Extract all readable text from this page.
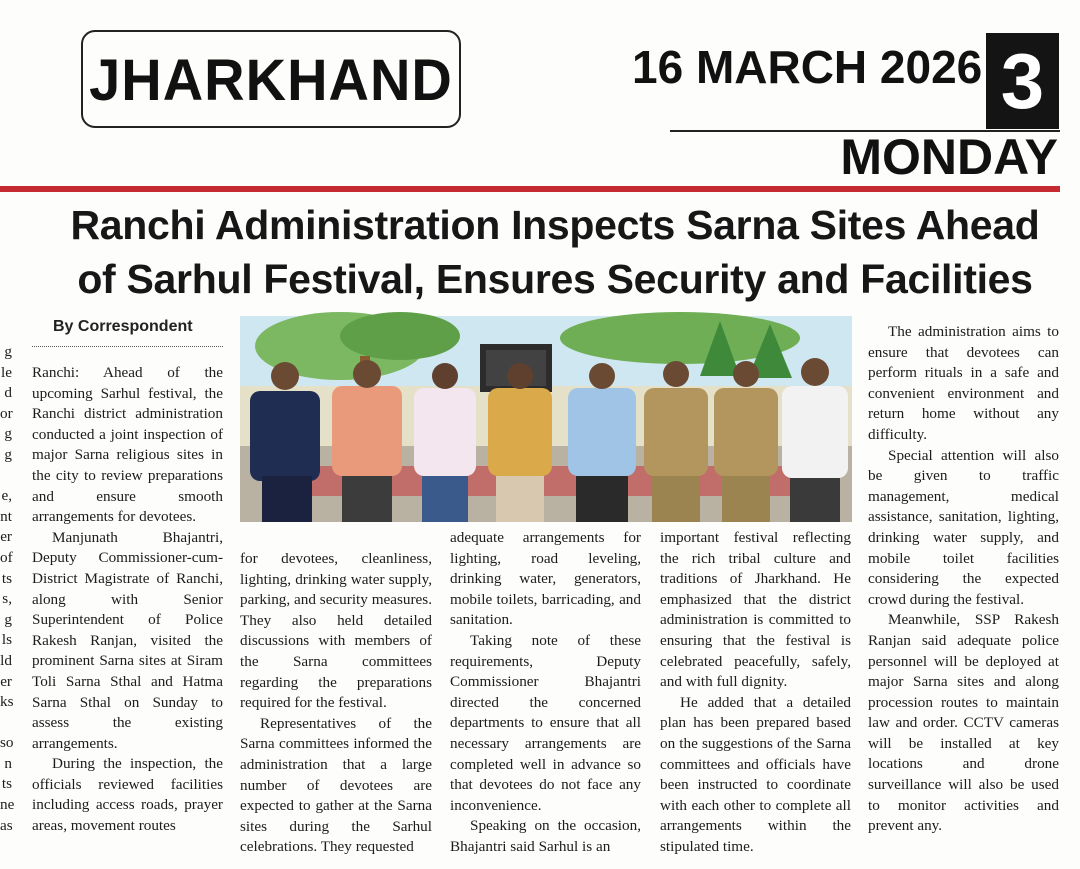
JHARKHAND	16 MARCH 2026 3
MONDAY
Ranchi Administration Inspects Sarna Sites Ahead
of Sarhul Festival, Ensures Security and Facilities
By Correspondent
g
le
d
or
g
g

e,
nt
er
of
ts
s,
g
ls
ld
er
ks

so
n
ts
ne
as

Ranchi: Ahead of the upcoming Sarhul festival, the Ranchi district administration conducted a joint inspection of major Sarna religious sites in the city to review preparations and ensure smooth arrangements for devotees.

Manjunath Bhajantri, Deputy Commissioner-cum-District Magistrate of Ranchi, along with Senior Superintendent of Police Rakesh Ranjan, visited the prominent Sarna sites at Siram Toli Sarna Sthal and Hatma Sarna Sthal on Sunday to assess the existing arrangements.

During the inspection, the officials reviewed facilities including access roads, prayer areas, movement routes

for devotees, cleanliness, lighting, drinking water supply, parking, and security measures. They also held detailed discussions with members of the Sarna committees regarding the preparations required for the festival.

Representatives of the Sarna committees informed the administration that a large number of devotees are expected to gather at the Sarna sites during the Sarhul celebrations. They requested

adequate arrangements for lighting, road leveling, drinking water, generators, mobile toilets, barricading, and sanitation.

Taking note of these requirements, Deputy Commissioner Bhajantri directed the concerned departments to ensure that all necessary arrangements are completed well in advance so that devotees do not face any inconvenience.

Speaking on the occasion, Bhajantri said Sarhul is an

important festival reflecting the rich tribal culture and traditions of Jharkhand. He emphasized that the district administration is committed to ensuring that the festival is celebrated peacefully, safely, and with full dignity.

He added that a detailed plan has been prepared based on the suggestions of the Sarna committees and officials have been instructed to coordinate with each other to complete all arrangements within the stipulated time.

The administration aims to ensure that devotees can perform rituals in a safe and convenient environment and return home without any difficulty.

Special attention will also be given to traffic management, medical assistance, sanitation, lighting, drinking water supply, and mobile toilet facilities considering the expected crowd during the festival.

Meanwhile, SSP Rakesh Ranjan said adequate police personnel will be deployed at major Sarna sites and along procession routes to maintain law and order. CCTV cameras will be installed at key locations and drone surveillance will also be used to monitor activities and prevent any.
